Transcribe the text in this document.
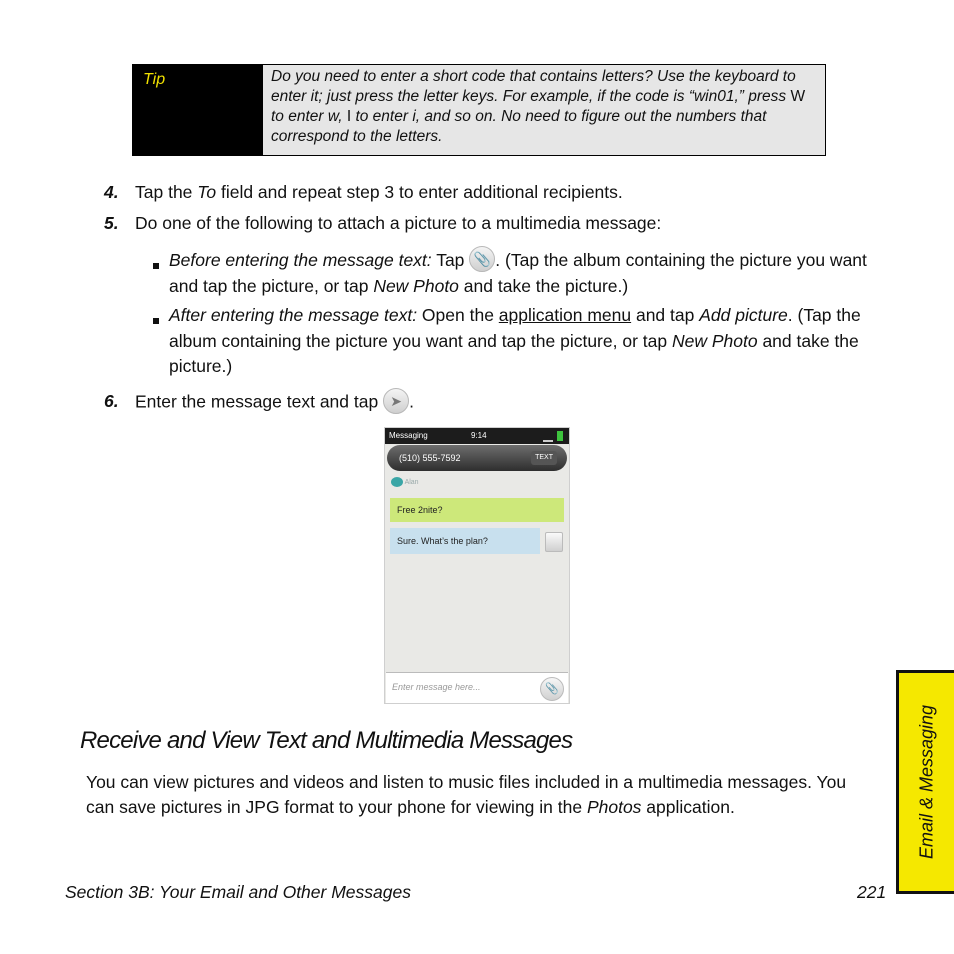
Tip	Do you need to enter a short code that contains letters? Use the keyboard to enter it; just press the letter keys. For example, if the code is “win01,” press W to enter w, I to enter i, and so on. No need to figure out the numbers that correspond to the letters.
4. Tap the To field and repeat step 3 to enter additional recipients.
5. Do one of the following to attach a picture to a multimedia message:
Before entering the message text: Tap 📎 . (Tap the album containing the picture you want and tap the picture, or tap New Photo and take the picture.)
After entering the message text: Open the application menu and tap Add picture. (Tap the album containing the picture you want and tap the picture, or tap New Photo and take the picture.)
6. Enter the message text and tap ➤ .
Messaging	9:14
(510) 555-7592	TEXT
Alan
Free 2nite?
Sure. What’s the plan?
Enter message here...	📎
Receive and View Text and Multimedia Messages
You can view pictures and videos and listen to music files included in a multimedia messages. You can save pictures in JPG format to your phone for viewing in the Photos application.
Section 3B: Your Email and Other Messages	221
Email & Messaging
